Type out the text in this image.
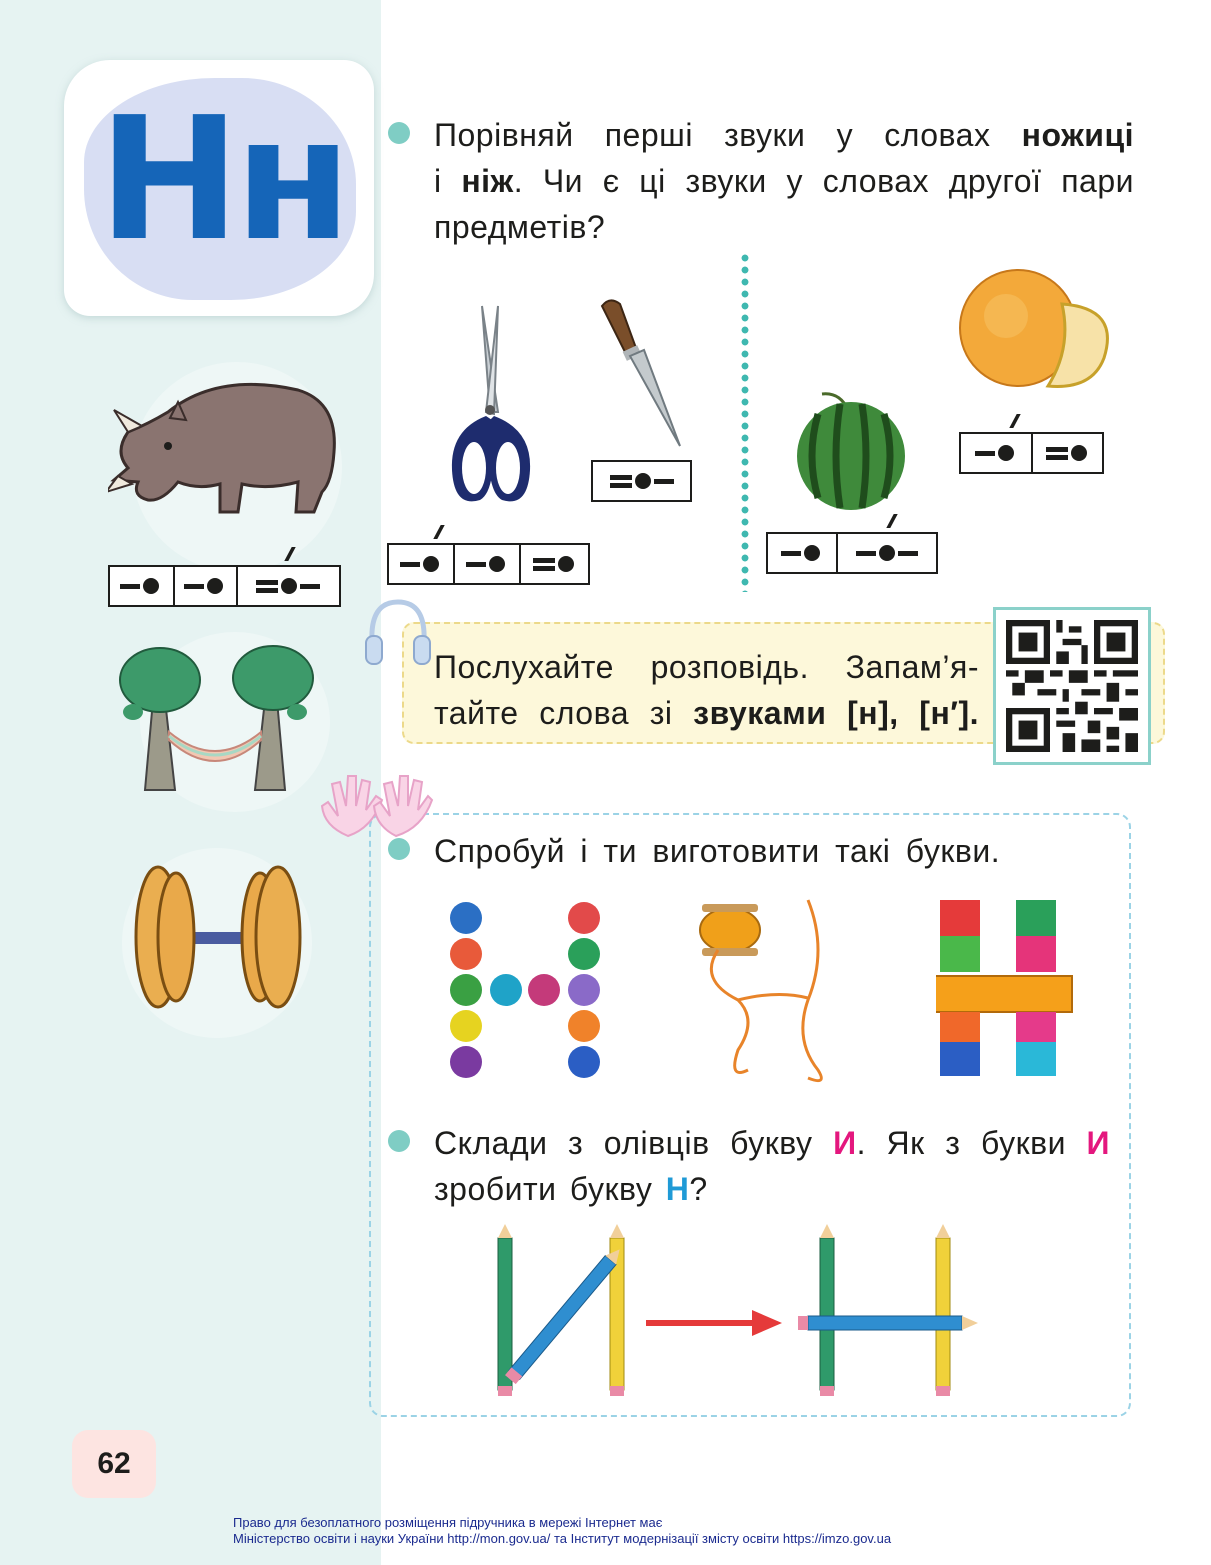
Нн	Порівняй перші звуки у словах ножиці
і ніж. Чи є ці звуки у словах другої пари
предметів?
Послухайте розповідь. Запам’я-
тайте слова зі звуками [н], [н′].
Спробуй і ти виготовити такі букви.
Склади з олівців букву И. Як з букви И
зробити букву Н?
62
Право для безоплатного розміщення підручника в мережі Інтернет має
Міністерство освіти і науки України http://mon.gov.ua/ та Інститут модернізації змісту освіти https://imzo.gov.ua
